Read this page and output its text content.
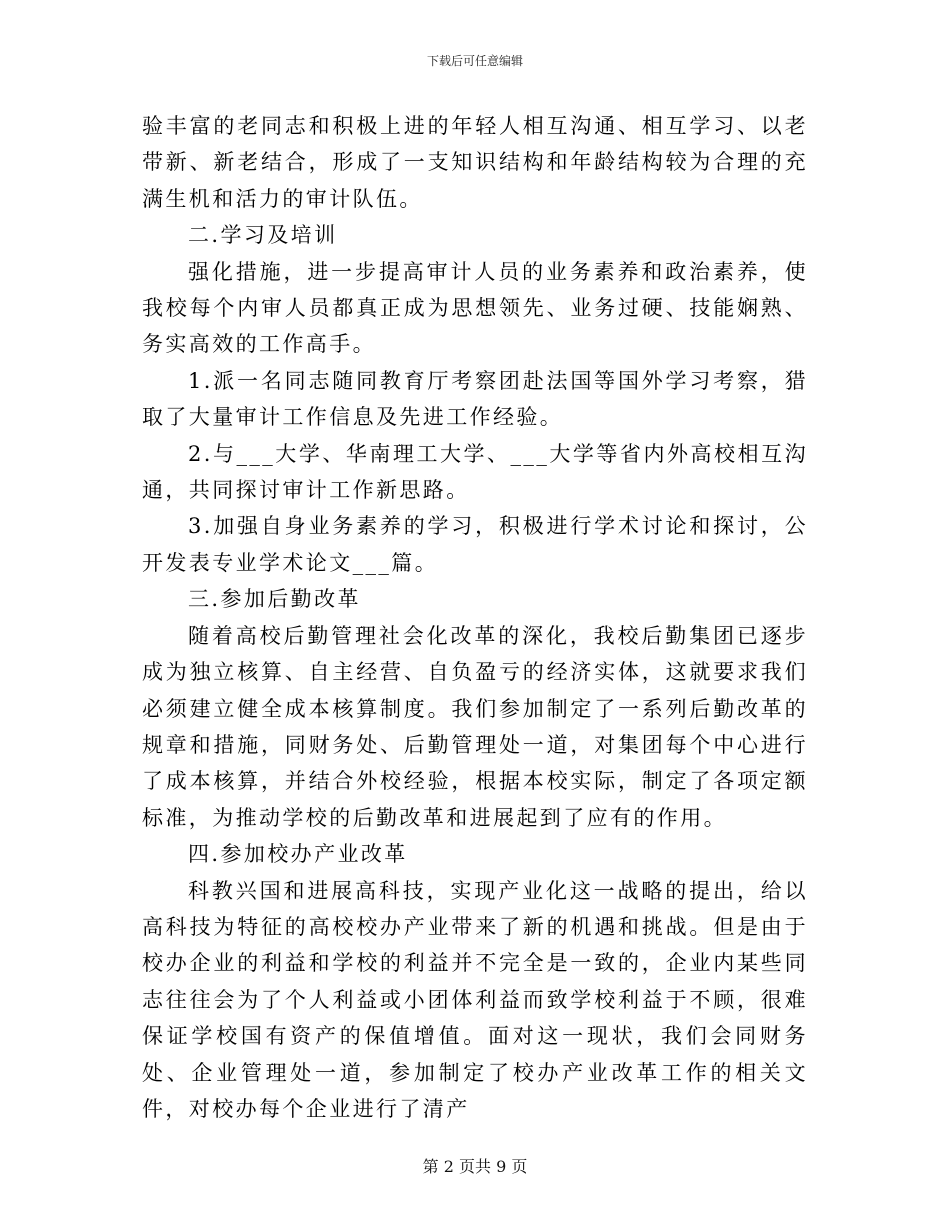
下载后可任意编辑

验丰富的老同志和积极上进的年轻人相互沟通、相互学习、以老带新、新老结合，形成了一支知识结构和年龄结构较为合理的充满生机和活力的审计队伍。

二.学习及培训

强化措施，进一步提高审计人员的业务素养和政治素养，使我校每个内审人员都真正成为思想领先、业务过硬、技能娴熟、务实高效的工作高手。

1.派一名同志随同教育厅考察团赴法国等国外学习考察，猎取了大量审计工作信息及先进工作经验。

2.与___大学、华南理工大学、___大学等省内外高校相互沟通，共同探讨审计工作新思路。

3.加强自身业务素养的学习，积极进行学术讨论和探讨，公开发表专业学术论文___篇。

三.参加后勤改革

随着高校后勤管理社会化改革的深化，我校后勤集团已逐步成为独立核算、自主经营、自负盈亏的经济实体，这就要求我们必须建立健全成本核算制度。我们参加制定了一系列后勤改革的规章和措施，同财务处、后勤管理处一道，对集团每个中心进行了成本核算，并结合外校经验，根据本校实际，制定了各项定额标准，为推动学校的后勤改革和进展起到了应有的作用。

四.参加校办产业改革

科教兴国和进展高科技，实现产业化这一战略的提出，给以高科技为特征的高校校办产业带来了新的机遇和挑战。但是由于校办企业的利益和学校的利益并不完全是一致的，企业内某些同志往往会为了个人利益或小团体利益而致学校利益于不顾，很难保证学校国有资产的保值增值。面对这一现状，我们会同财务处、企业管理处一道，参加制定了校办产业改革工作的相关文件，对校办每个企业进行了清产

第 2 页共 9 页
